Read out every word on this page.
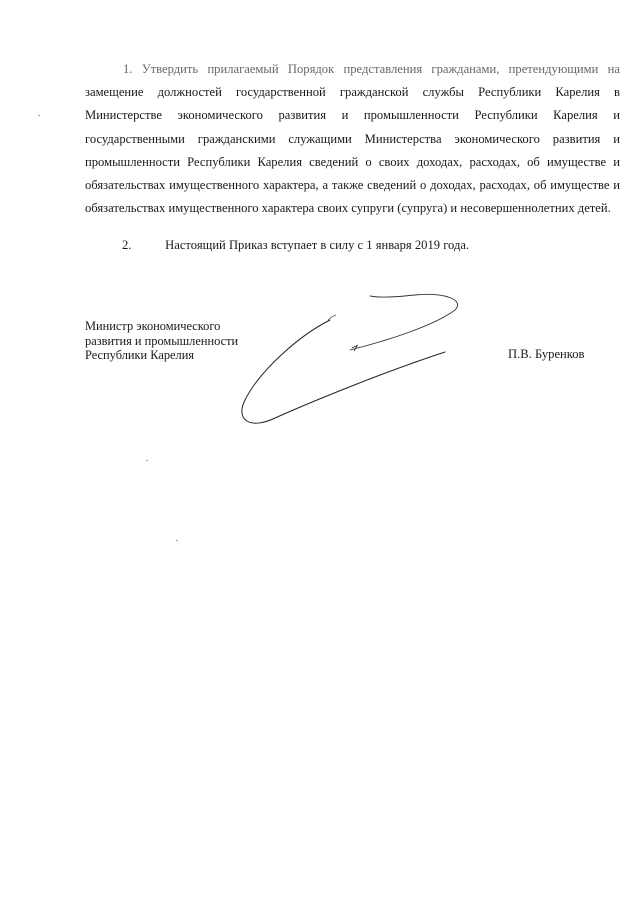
1. Утвердить прилагаемый Порядок представления гражданами, претендующими на замещение должностей государственной гражданской службы Республики Карелия в Министерстве экономического развития и промышленности Республики Карелия и государственными гражданскими служащими Министерства экономического развития и промышленности Республики Карелия сведений о своих доходах, расходах, об имуществе и обязательствах имущественного характера, а также сведений о доходах, расходах, об имуществе и обязательствах имущественного характера своих супруги (супруга) и несовершеннолетних детей.
2.	Настоящий Приказ вступает в силу с 1 января 2019 года.
Министр экономического
развития и промышленности
Республики Карелия	П.В. Буренков
